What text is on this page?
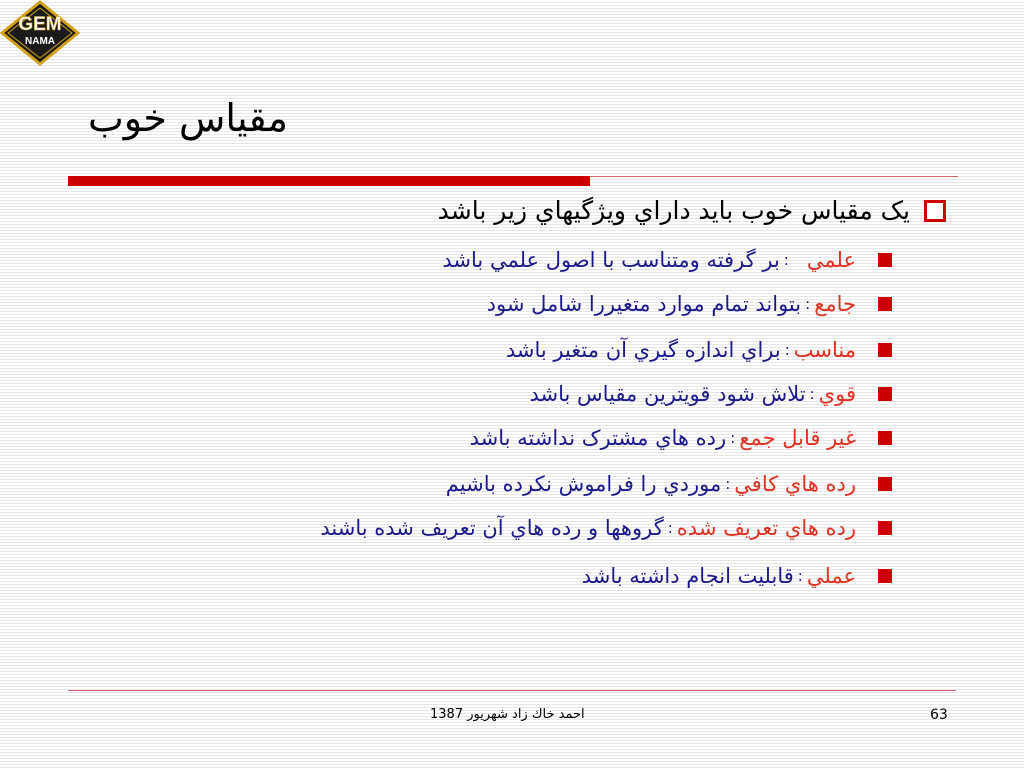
GEM
NAMA
مقياس خوب
یک مقياس خوب بايد داراي ويژگيهاي زير باشد
علمي
:
بر گرفته ومتناسب با اصول علمي باشد
جامع
:
بتواند تمام موارد متغيررا شامل شود
مناسب
:
براي اندازه گيري آن متغير باشد
قوي
:
تلاش شود قويترين مقياس باشد
غير قابل جمع
:
رده هاي مشترک نداشته باشد
رده هاي کافي
:
موردي را فراموش نکرده باشيم
رده هاي تعريف شده
:
گروهها و رده هاي آن تعريف شده باشند
عملي
:
قابليت انجام داشته باشد
احمد خاك زاد شهريور 1387	63
